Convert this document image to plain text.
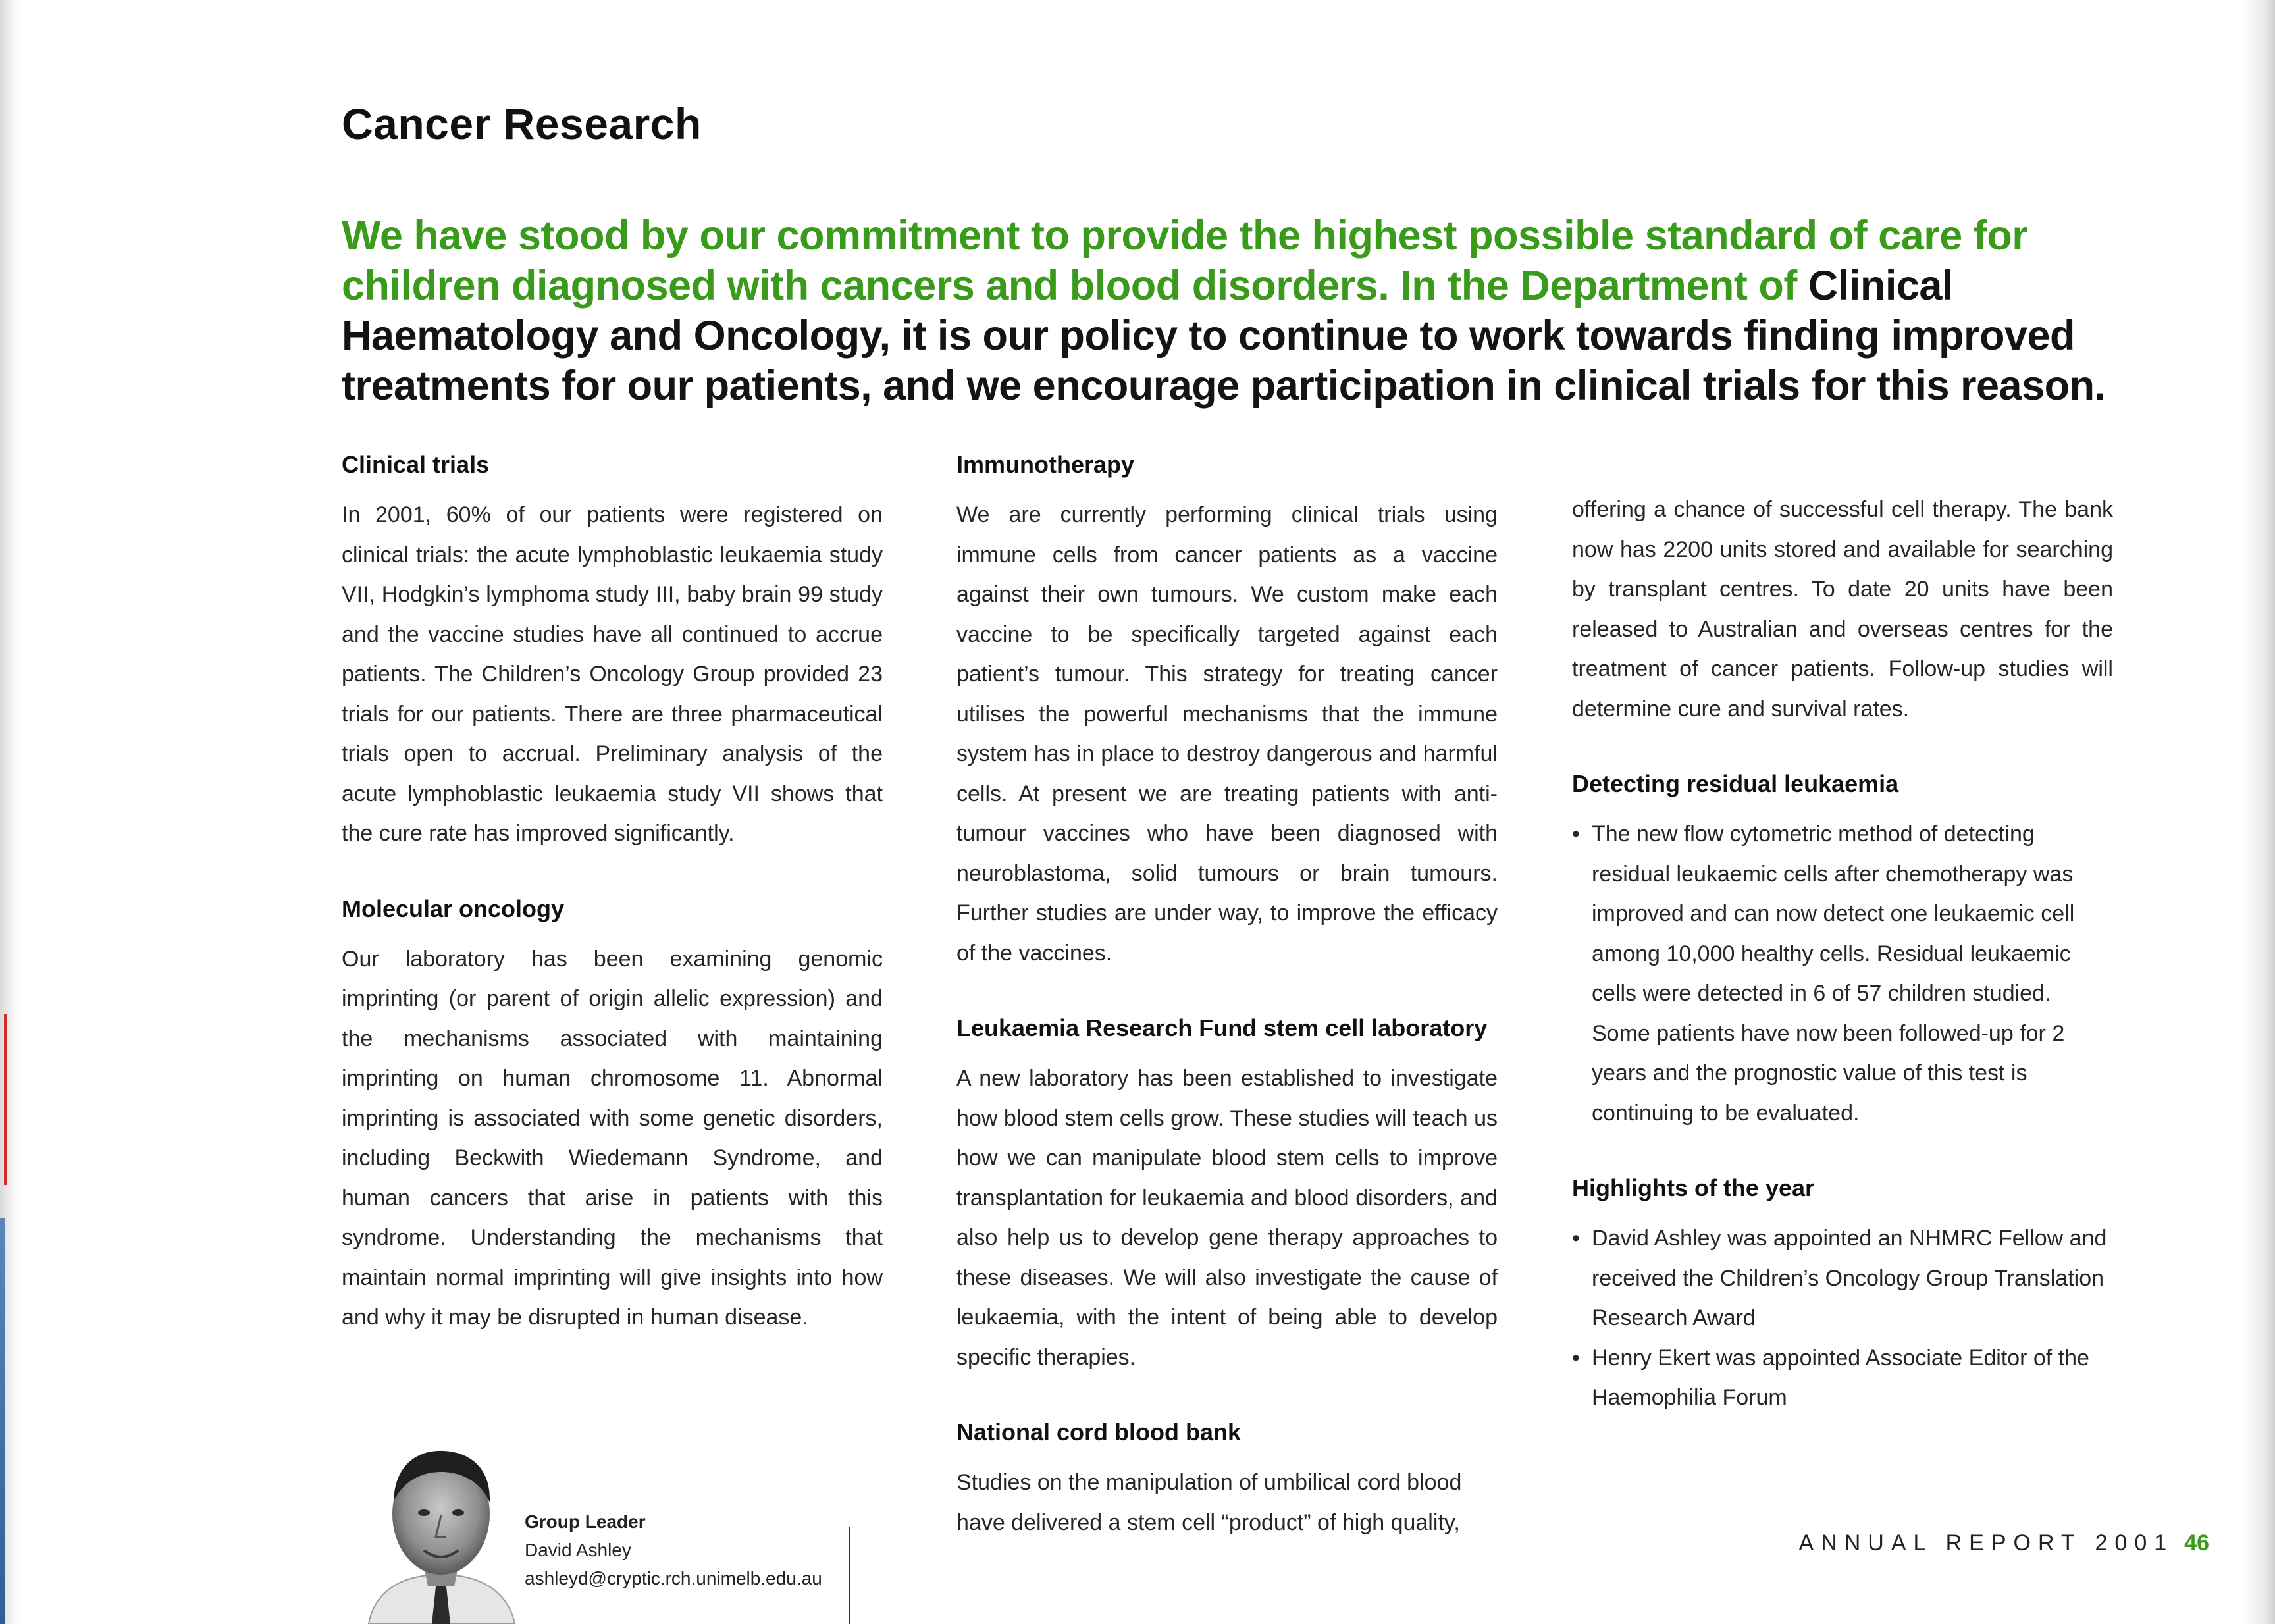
Cancer Research

We have stood by our commitment to provide the highest possible standard of care for children diagnosed with cancers and blood disorders. In the Department of Clinical Haematology and Oncology, it is our policy to continue to work towards finding improved treatments for our patients, and we encourage participation in clinical trials for this reason.

Clinical trials

In 2001, 60% of our patients were registered on clinical trials: the acute lymphoblastic leukaemia study VII, Hodgkin’s lymphoma study III, baby brain 99 study and the vaccine studies have all continued to accrue patients. The Children’s Oncology Group provided 23 trials for our patients. There are three pharmaceutical trials open to accrual. Preliminary analysis of the acute lymphoblastic leukaemia study VII shows that the cure rate has improved significantly.

Molecular oncology

Our laboratory has been examining genomic imprinting (or parent of origin allelic expression) and the mechanisms associated with maintaining imprinting on human chromosome 11. Abnormal imprinting is associated with some genetic disorders, including Beckwith Wiedemann Syndrome, and human cancers that arise in patients with this syndrome. Understanding the mechanisms that maintain normal imprinting will give insights into how and why it may be disrupted in human disease.

Immunotherapy

We are currently performing clinical trials using immune cells from cancer patients as a vaccine against their own tumours. We custom make each vaccine to be specifically targeted against each patient’s tumour. This strategy for treating cancer utilises the powerful mechanisms that the immune system has in place to destroy dangerous and harmful cells. At present we are treating patients with anti-tumour vaccines who have been diagnosed with neuroblastoma, solid tumours or brain tumours. Further studies are under way, to improve the efficacy of the vaccines.

Leukaemia Research Fund stem cell laboratory

A new laboratory has been established to investigate how blood stem cells grow. These studies will teach us how we can manipulate blood stem cells to improve transplantation for leukaemia and blood disorders, and also help us to develop gene therapy approaches to these diseases. We will also investigate the cause of leukaemia, with the intent of being able to develop specific therapies.

National cord blood bank

Studies on the manipulation of umbilical cord blood have delivered a stem cell “product” of high quality,

offering a chance of successful cell therapy. The bank now has 2200 units stored and available for searching by transplant centres. To date 20 units have been released to Australian and overseas centres for the treatment of cancer patients. Follow-up studies will determine cure and survival rates.

Detecting residual leukaemia
• The new flow cytometric method of detecting residual leukaemic cells after chemotherapy was improved and can now detect one leukaemic cell among 10,000 healthy cells. Residual leukaemic cells were detected in 6 of 57 children studied. Some patients have now been followed-up for 2 years and the prognostic value of this test is continuing to be evaluated.
Highlights of the year
• David Ashley was appointed an NHMRC Fellow and received the Children’s Oncology Group Translation Research Award
• Henry Ekert was appointed Associate Editor of the Haemophilia Forum
Group Leader
David Ashley
ashleyd@cryptic.rch.unimelb.edu.au
ANNUAL REPORT 2001 46
